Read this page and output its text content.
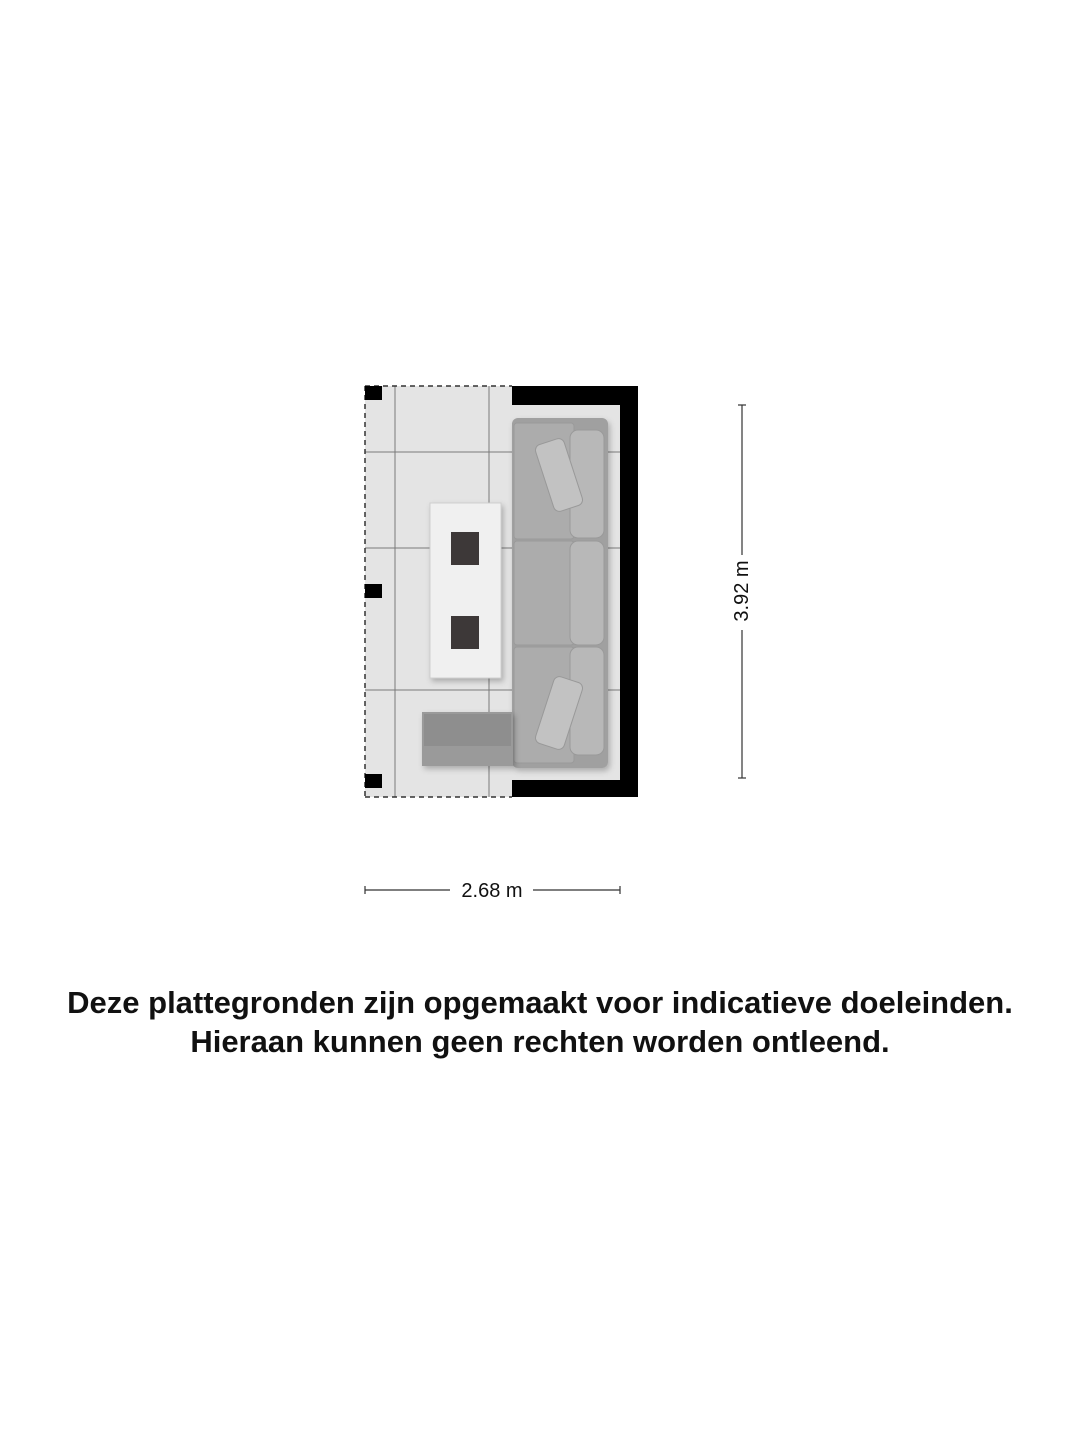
3.92 m
2.68 m

Deze plattegronden zijn opgemaakt voor indicatieve doeleinden.

Hieraan kunnen geen rechten worden ontleend.
